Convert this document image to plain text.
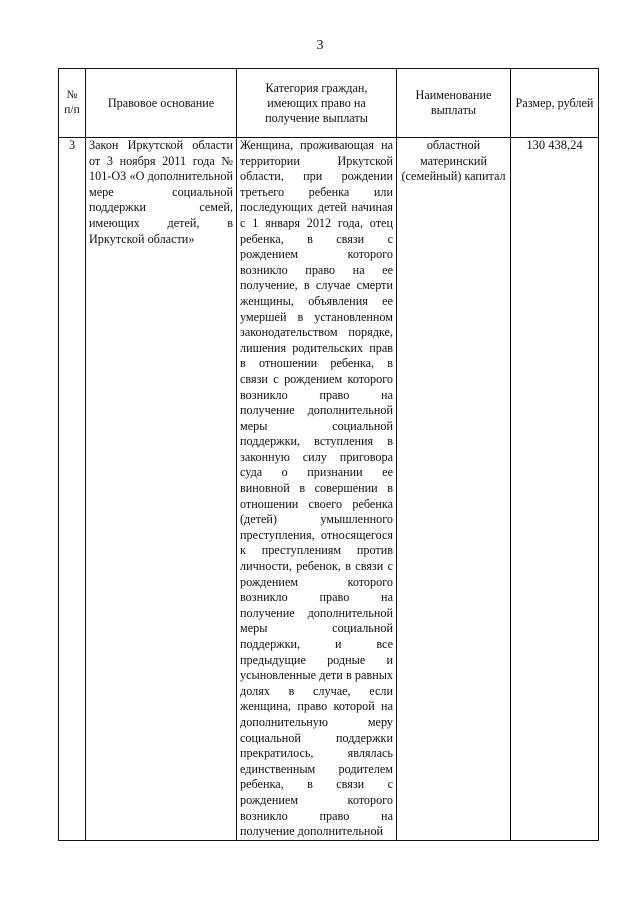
3
№ п/п	Правовое основание	Категория граждан, имеющих право на получение выплаты	Наименование выплаты	Размер, рублей
3	Закон Иркутской области от 3 ноября 2011 года № 101-ОЗ «О дополнительной мере социальной поддержки семей, имеющих детей, в Иркутской области»	Женщина, проживающая на территории Иркутской области, при рождении третьего ребенка или последующих детей начиная с 1 января 2012 года, отец ребенка, в связи с рождением которого возникло право на ее получение, в случае смерти женщины, объявления ее умершей в установленном законодательством порядке, лишения родительских прав в отношении ребенка, в связи с рождением которого возникло право на получение дополнительной меры социальной поддержки, вступления в законную силу приговора суда о признании ее виновной в совершении в отношении своего ребенка (детей) умышленного преступления, относящегося к преступлениям против личности, ребенок, в связи с рождением которого возникло право на получение дополнительной меры социальной поддержки, и все предыдущие родные и усыновленные дети в равных долях в случае, если женщина, право которой на дополнительную меру социальной поддержки прекратилось, являлась единственным родителем ребенка, в связи с рождением которого возникло право на получение дополнительной	областной материнский (семейный) капитал	130 438,24
